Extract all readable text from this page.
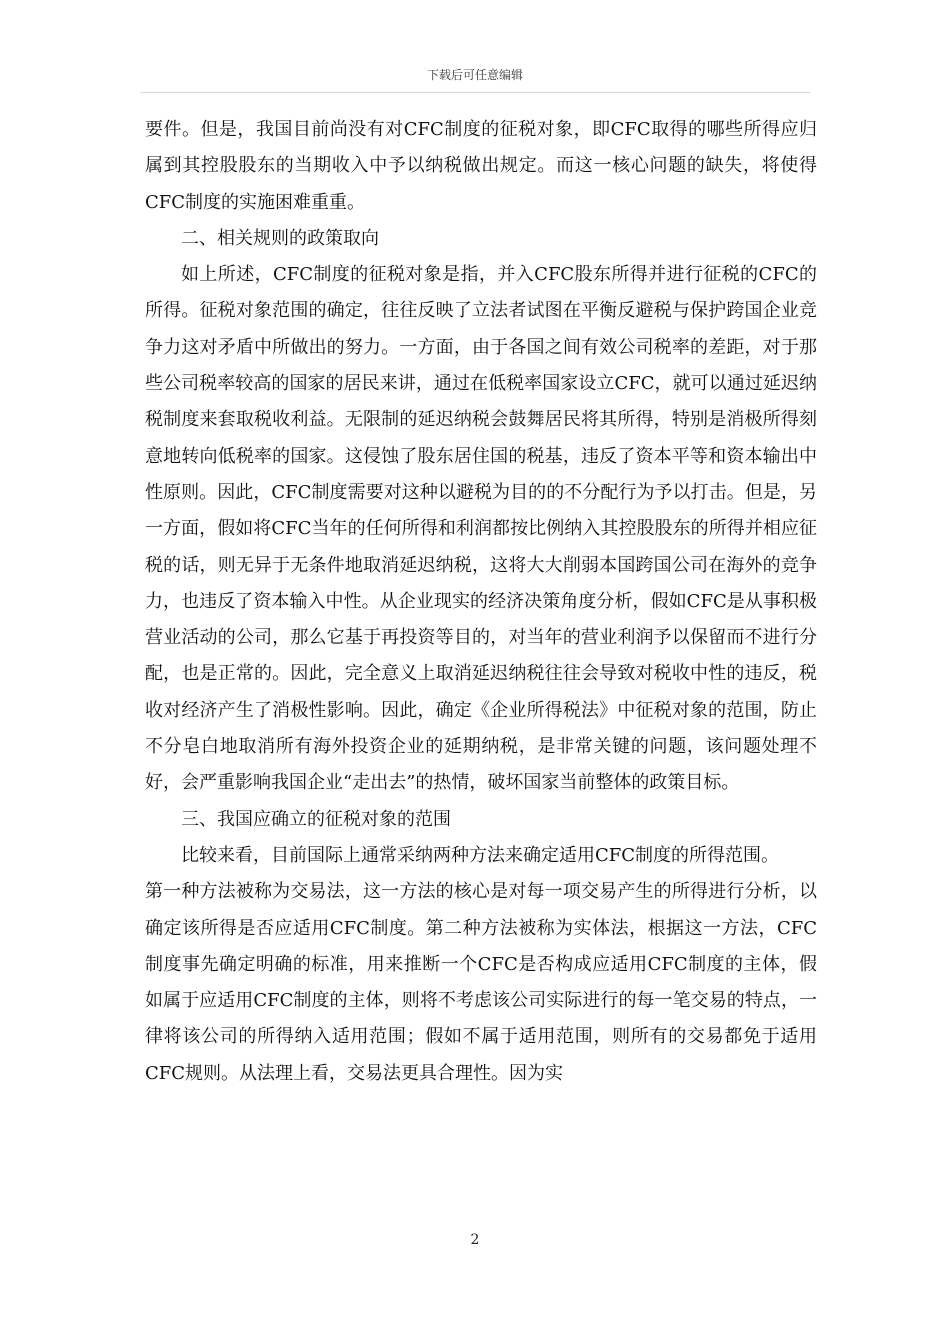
下载后可任意编辑

要件。但是，我国目前尚没有对CFC制度的征税对象，即CFC取得的哪些所得应归属到其控股股东的当期收入中予以纳税做出规定。而这一核心问题的缺失，将使得CFC制度的实施困难重重。

二、相关规则的政策取向

如上所述，CFC制度的征税对象是指，并入CFC股东所得并进行征税的CFC的所得。征税对象范围的确定，往往反映了立法者试图在平衡反避税与保护跨国企业竞争力这对矛盾中所做出的努力。一方面，由于各国之间有效公司税率的差距，对于那些公司税率较高的国家的居民来讲，通过在低税率国家设立CFC，就可以通过延迟纳税制度来套取税收利益。无限制的延迟纳税会鼓舞居民将其所得，特别是消极所得刻意地转向低税率的国家。这侵蚀了股东居住国的税基，违反了资本平等和资本输出中性原则。因此，CFC制度需要对这种以避税为目的的不分配行为予以打击。但是，另一方面，假如将CFC当年的任何所得和利润都按比例纳入其控股股东的所得并相应征税的话，则无异于无条件地取消延迟纳税，这将大大削弱本国跨国公司在海外的竞争力，也违反了资本输入中性。从企业现实的经济决策角度分析，假如CFC是从事积极营业活动的公司，那么它基于再投资等目的，对当年的营业利润予以保留而不进行分配，也是正常的。因此，完全意义上取消延迟纳税往往会导致对税收中性的违反，税收对经济产生了消极性影响。因此，确定《企业所得税法》中征税对象的范围，防止不分皂白地取消所有海外投资企业的延期纳税，是非常关键的问题，该问题处理不好，会严重影响我国企业“走出去”的热情，破坏国家当前整体的政策目标。

三、我国应确立的征税对象的范围

比较来看，目前国际上通常采纳两种方法来确定适用CFC制度的所得范围。

第一种方法被称为交易法，这一方法的核心是对每一项交易产生的所得进行分析，以确定该所得是否应适用CFC制度。第二种方法被称为实体法，根据这一方法，CFC制度事先确定明确的标准，用来推断一个CFC是否构成应适用CFC制度的主体，假如属于应适用CFC制度的主体，则将不考虑该公司实际进行的每一笔交易的特点，一律将该公司的所得纳入适用范围；假如不属于适用范围，则所有的交易都免于适用CFC规则。从法理上看，交易法更具合理性。因为实

2
